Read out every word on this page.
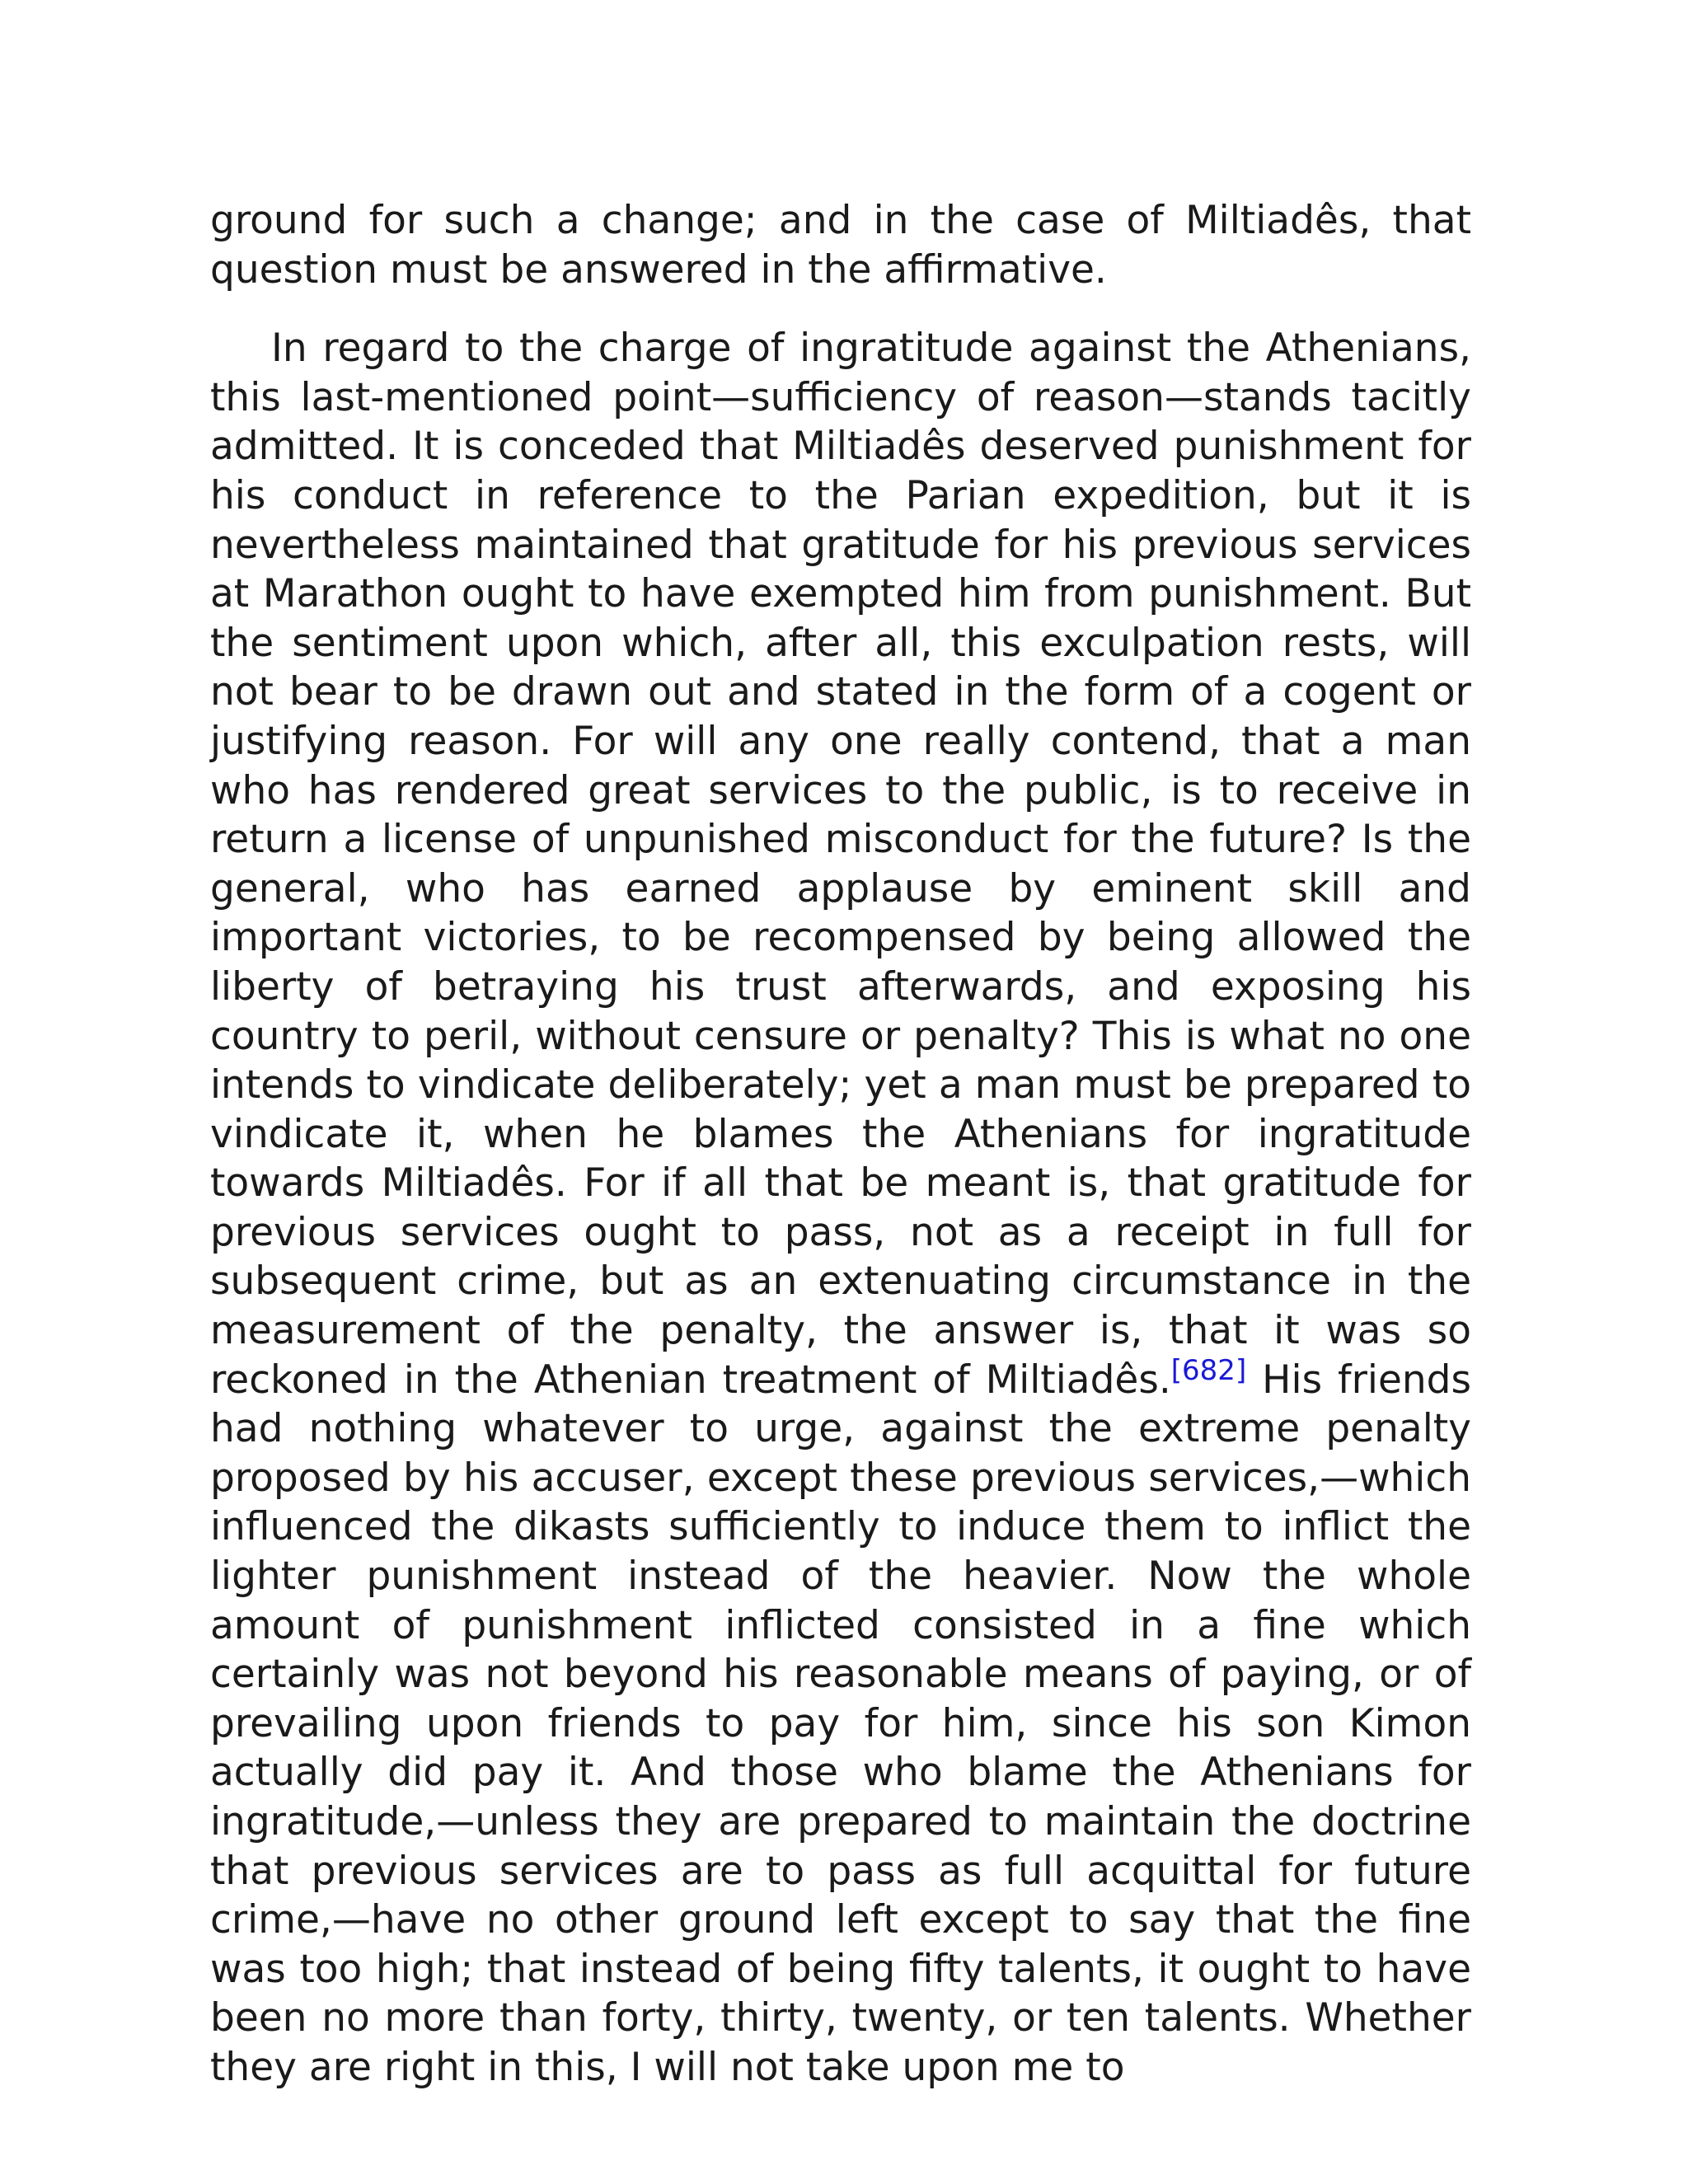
ground for such a change; and in the case of Miltiadês, that question must be answered in the affirmative.

In regard to the charge of ingratitude against the Athenians, this last-mentioned point—sufficiency of reason—stands tacitly admitted. It is conceded that Miltiadês deserved punishment for his conduct in reference to the Parian expedition, but it is nevertheless maintained that gratitude for his previous services at Marathon ought to have exempted him from punishment. But the sentiment upon which, after all, this exculpation rests, will not bear to be drawn out and stated in the form of a cogent or justifying reason. For will any one really contend, that a man who has rendered great services to the public, is to receive in return a license of unpunished misconduct for the future? Is the general, who has earned applause by eminent skill and important victories, to be recompensed by being allowed the liberty of betraying his trust afterwards, and exposing his country to peril, without censure or penalty? This is what no one intends to vindicate deliberately; yet a man must be prepared to vindicate it, when he blames the Athenians for ingratitude towards Miltiadês. For if all that be meant is, that gratitude for previous services ought to pass, not as a receipt in full for subsequent crime, but as an extenuating circumstance in the measurement of the penalty, the answer is, that it was so reckoned in the Athenian treatment of Miltiadês.[682] His friends had nothing whatever to urge, against the extreme penalty proposed by his accuser, except these previous services,—which influenced the dikasts sufficiently to induce them to inflict the lighter punishment instead of the heavier. Now the whole amount of punishment inflicted consisted in a fine which certainly was not beyond his reasonable means of paying, or of prevailing upon friends to pay for him, since his son Kimon actually did pay it. And those who blame the Athenians for ingratitude,—unless they are prepared to maintain the doctrine that previous services are to pass as full acquittal for future crime,—have no other ground left except to say that the fine was too high; that instead of being fifty talents, it ought to have been no more than forty, thirty, twenty, or ten talents. Whether they are right in this, I will not take upon me to
